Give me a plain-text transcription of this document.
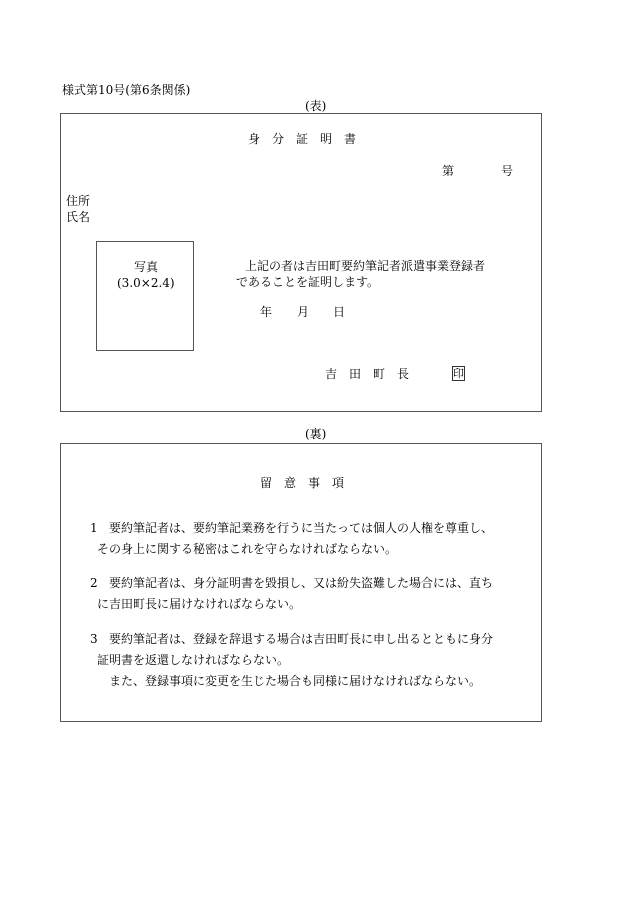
様式第10号(第6条関係)
(表)
身　分　証　明　書
第	号
住所
氏名
写真
(3.0×2.4)
上記の者は吉田町要約筆記者派遣事業登録者
であることを証明します。
年 月 日
吉　田　町　長	印
(裏)
留　意　事　項
1 要約筆記者は、要約筆記業務を行うに当たっては個人の人権を尊重し、
その身上に関する秘密はこれを守らなければならない。
2 要約筆記者は、身分証明書を毀損し、又は紛失盗難した場合には、直ち
に吉田町長に届けなければならない。
3 要約筆記者は、登録を辞退する場合は吉田町長に申し出るとともに身分
証明書を返還しなければならない。
また、登録事項に変更を生じた場合も同様に届けなければならない。
